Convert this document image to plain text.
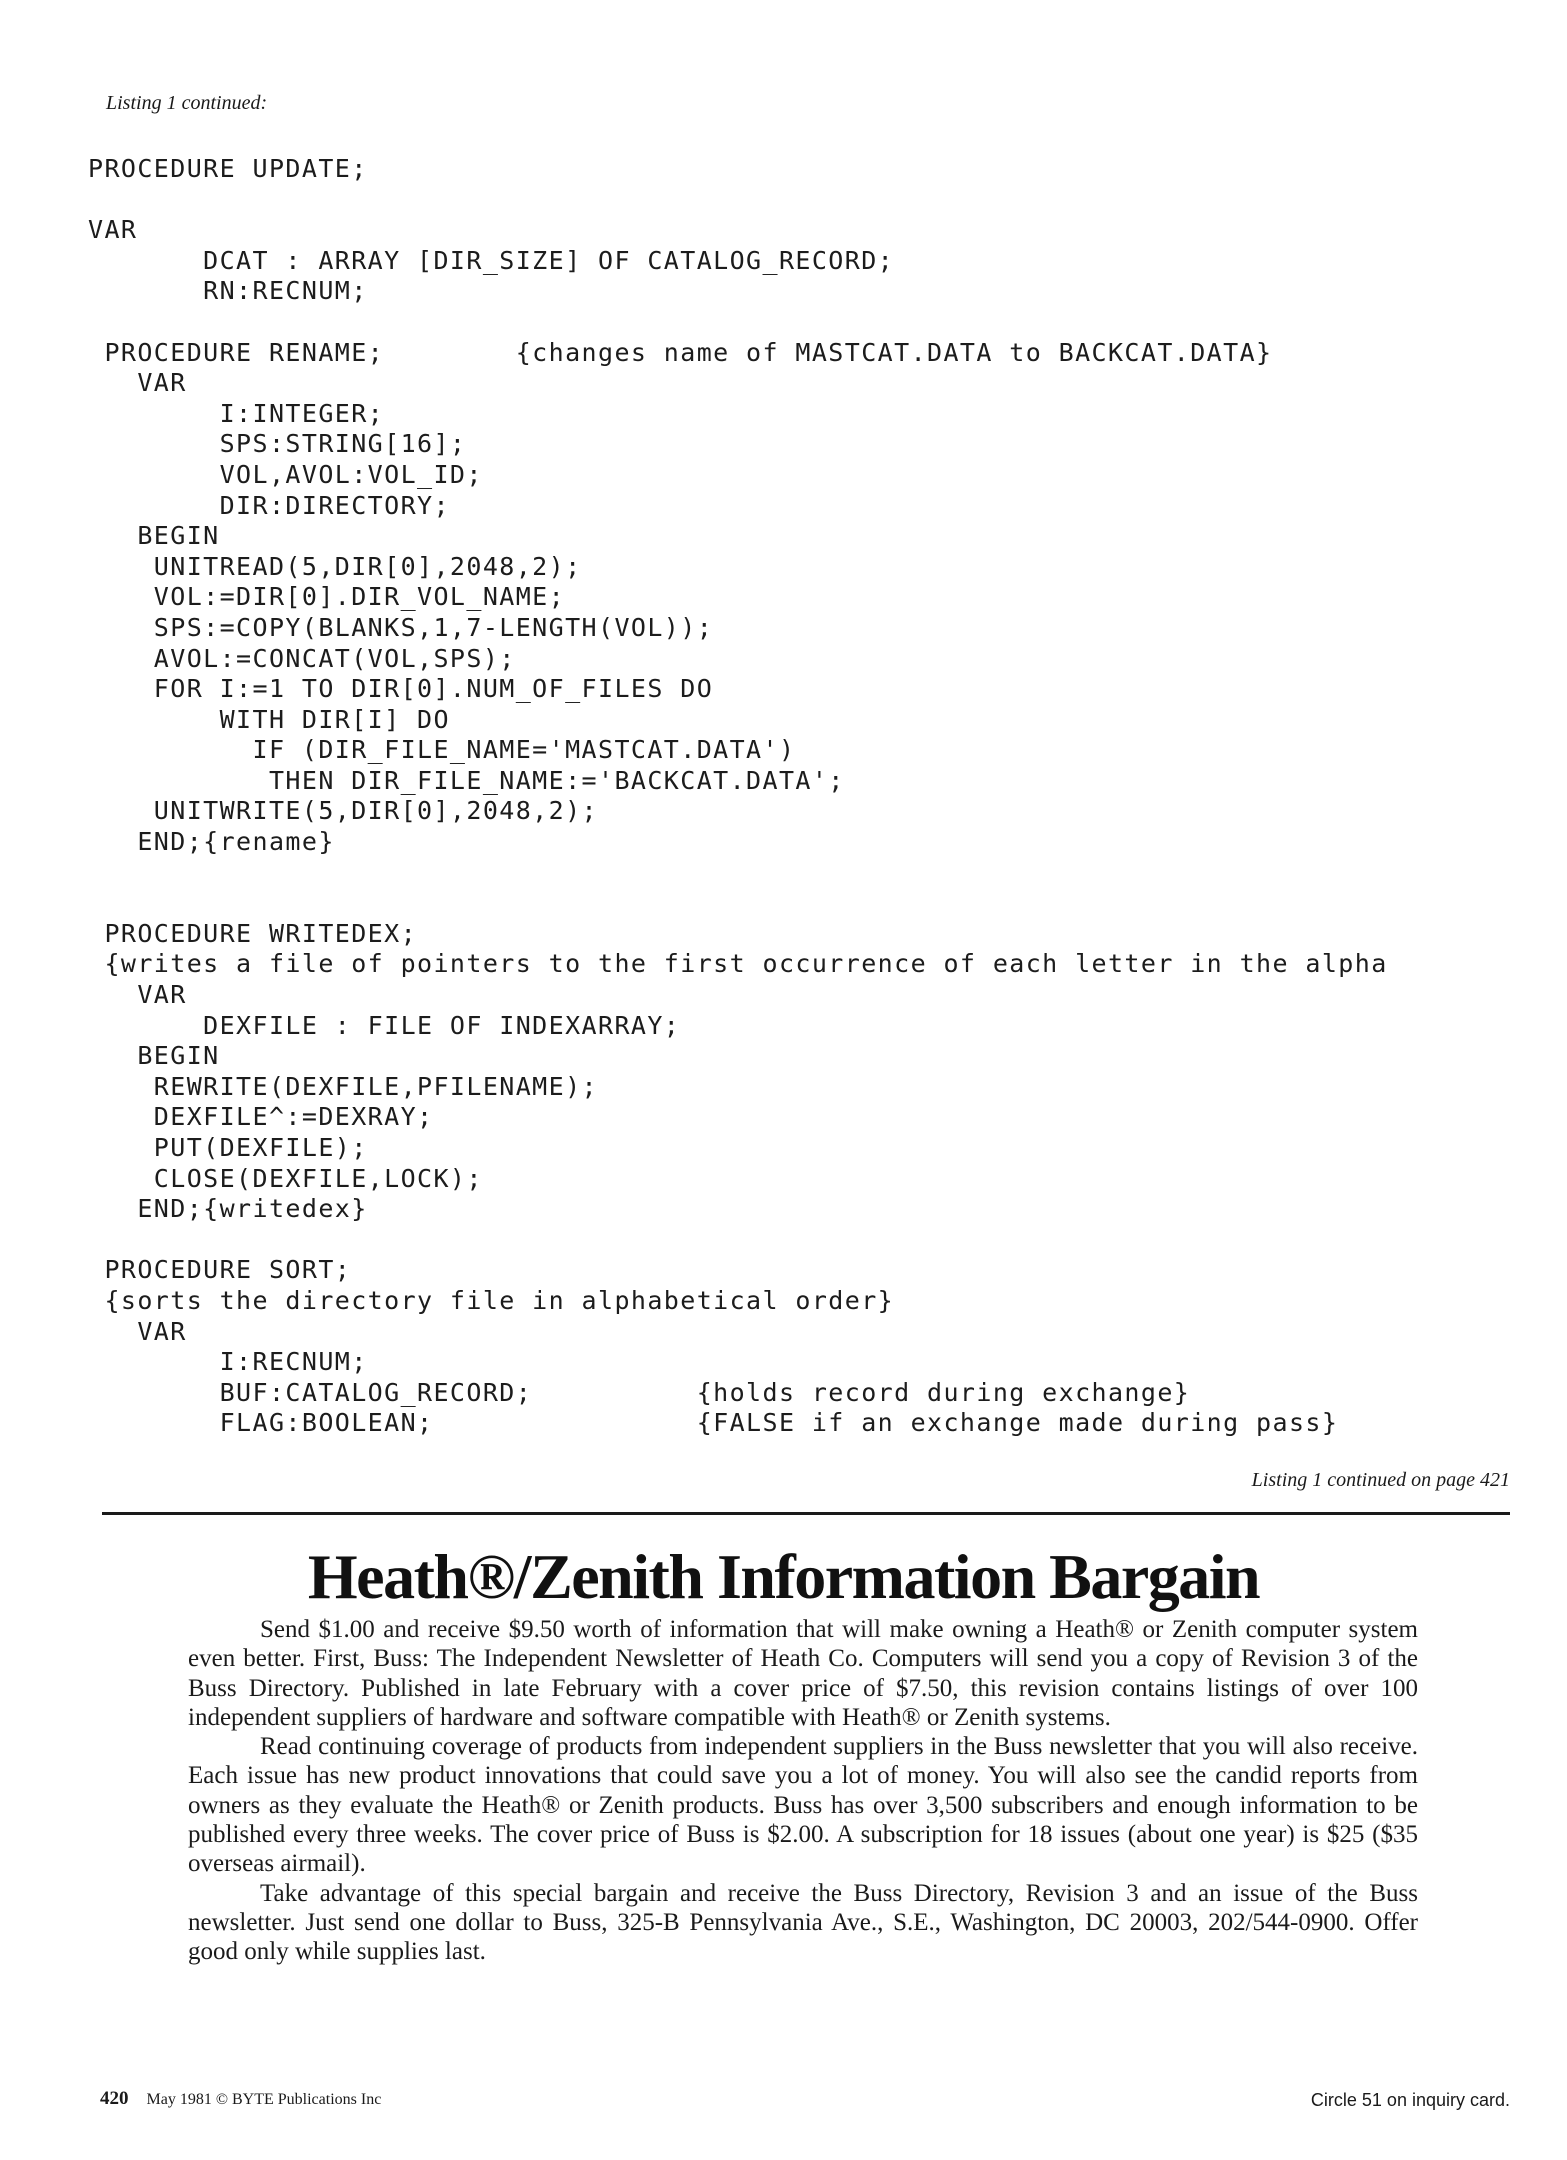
Listing 1 continued:
PROCEDURE UPDATE;
VAR
DCAT : ARRAY [DIR_SIZE] OF CATALOG_RECORD;
RN:RECNUM;
PROCEDURE RENAME;        {changes name of MASTCAT.DATA to BACKCAT.DATA}
VAR
I:INTEGER;
SPS:STRING[16];
VOL,AVOL:VOL_ID;
DIR:DIRECTORY;
BEGIN
UNITREAD(5,DIR[0],2048,2);
VOL:=DIR[0].DIR_VOL_NAME;
SPS:=COPY(BLANKS,1,7-LENGTH(VOL));
AVOL:=CONCAT(VOL,SPS);
FOR I:=1 TO DIR[0].NUM_OF_FILES DO
WITH DIR[I] DO
IF (DIR_FILE_NAME='MASTCAT.DATA')
THEN DIR_FILE_NAME:='BACKCAT.DATA';
UNITWRITE(5,DIR[0],2048,2);
END;{rename}
PROCEDURE WRITEDEX;
{writes a file of pointers to the first occurrence of each letter in the alpha
VAR
DEXFILE : FILE OF INDEXARRAY;
BEGIN
REWRITE(DEXFILE,PFILENAME);
DEXFILE^:=DEXRAY;
PUT(DEXFILE);
CLOSE(DEXFILE,LOCK);
END;{writedex}
PROCEDURE SORT;
{sorts the directory file in alphabetical order}
VAR
I:RECNUM;
BUF:CATALOG_RECORD;          {holds record during exchange}
FLAG:BOOLEAN;                {FALSE if an exchange made during pass}
Listing 1 continued on page 421
Heath®/Zenith Information Bargain

Send $1.00 and receive $9.50 worth of information that will make owning a Heath® or Zenith computer system even better. First, Buss: The Independent Newsletter of Heath Co. Computers will send you a copy of Revision 3 of the Buss Directory. Published in late February with a cover price of $7.50, this revision contains listings of over 100 independent suppliers of hardware and software compatible with Heath® or Zenith systems.

Read continuing coverage of products from independent suppliers in the Buss newsletter that you will also receive. Each issue has new product innovations that could save you a lot of money. You will also see the candid reports from owners as they evaluate the Heath® or Zenith products. Buss has over 3,500 subscribers and enough information to be published every three weeks. The cover price of Buss is $2.00. A subscription for 18 issues (about one year) is $25 ($35 overseas airmail).

Take advantage of this special bargain and receive the Buss Directory, Revision 3 and an issue of the Buss newsletter. Just send one dollar to Buss, 325-B Pennsylvania Ave., S.E., Washington, DC 20003, 202/544-0900. Offer good only while supplies last.

420 May 1981 © BYTE Publications Inc	Circle 51 on inquiry card.
